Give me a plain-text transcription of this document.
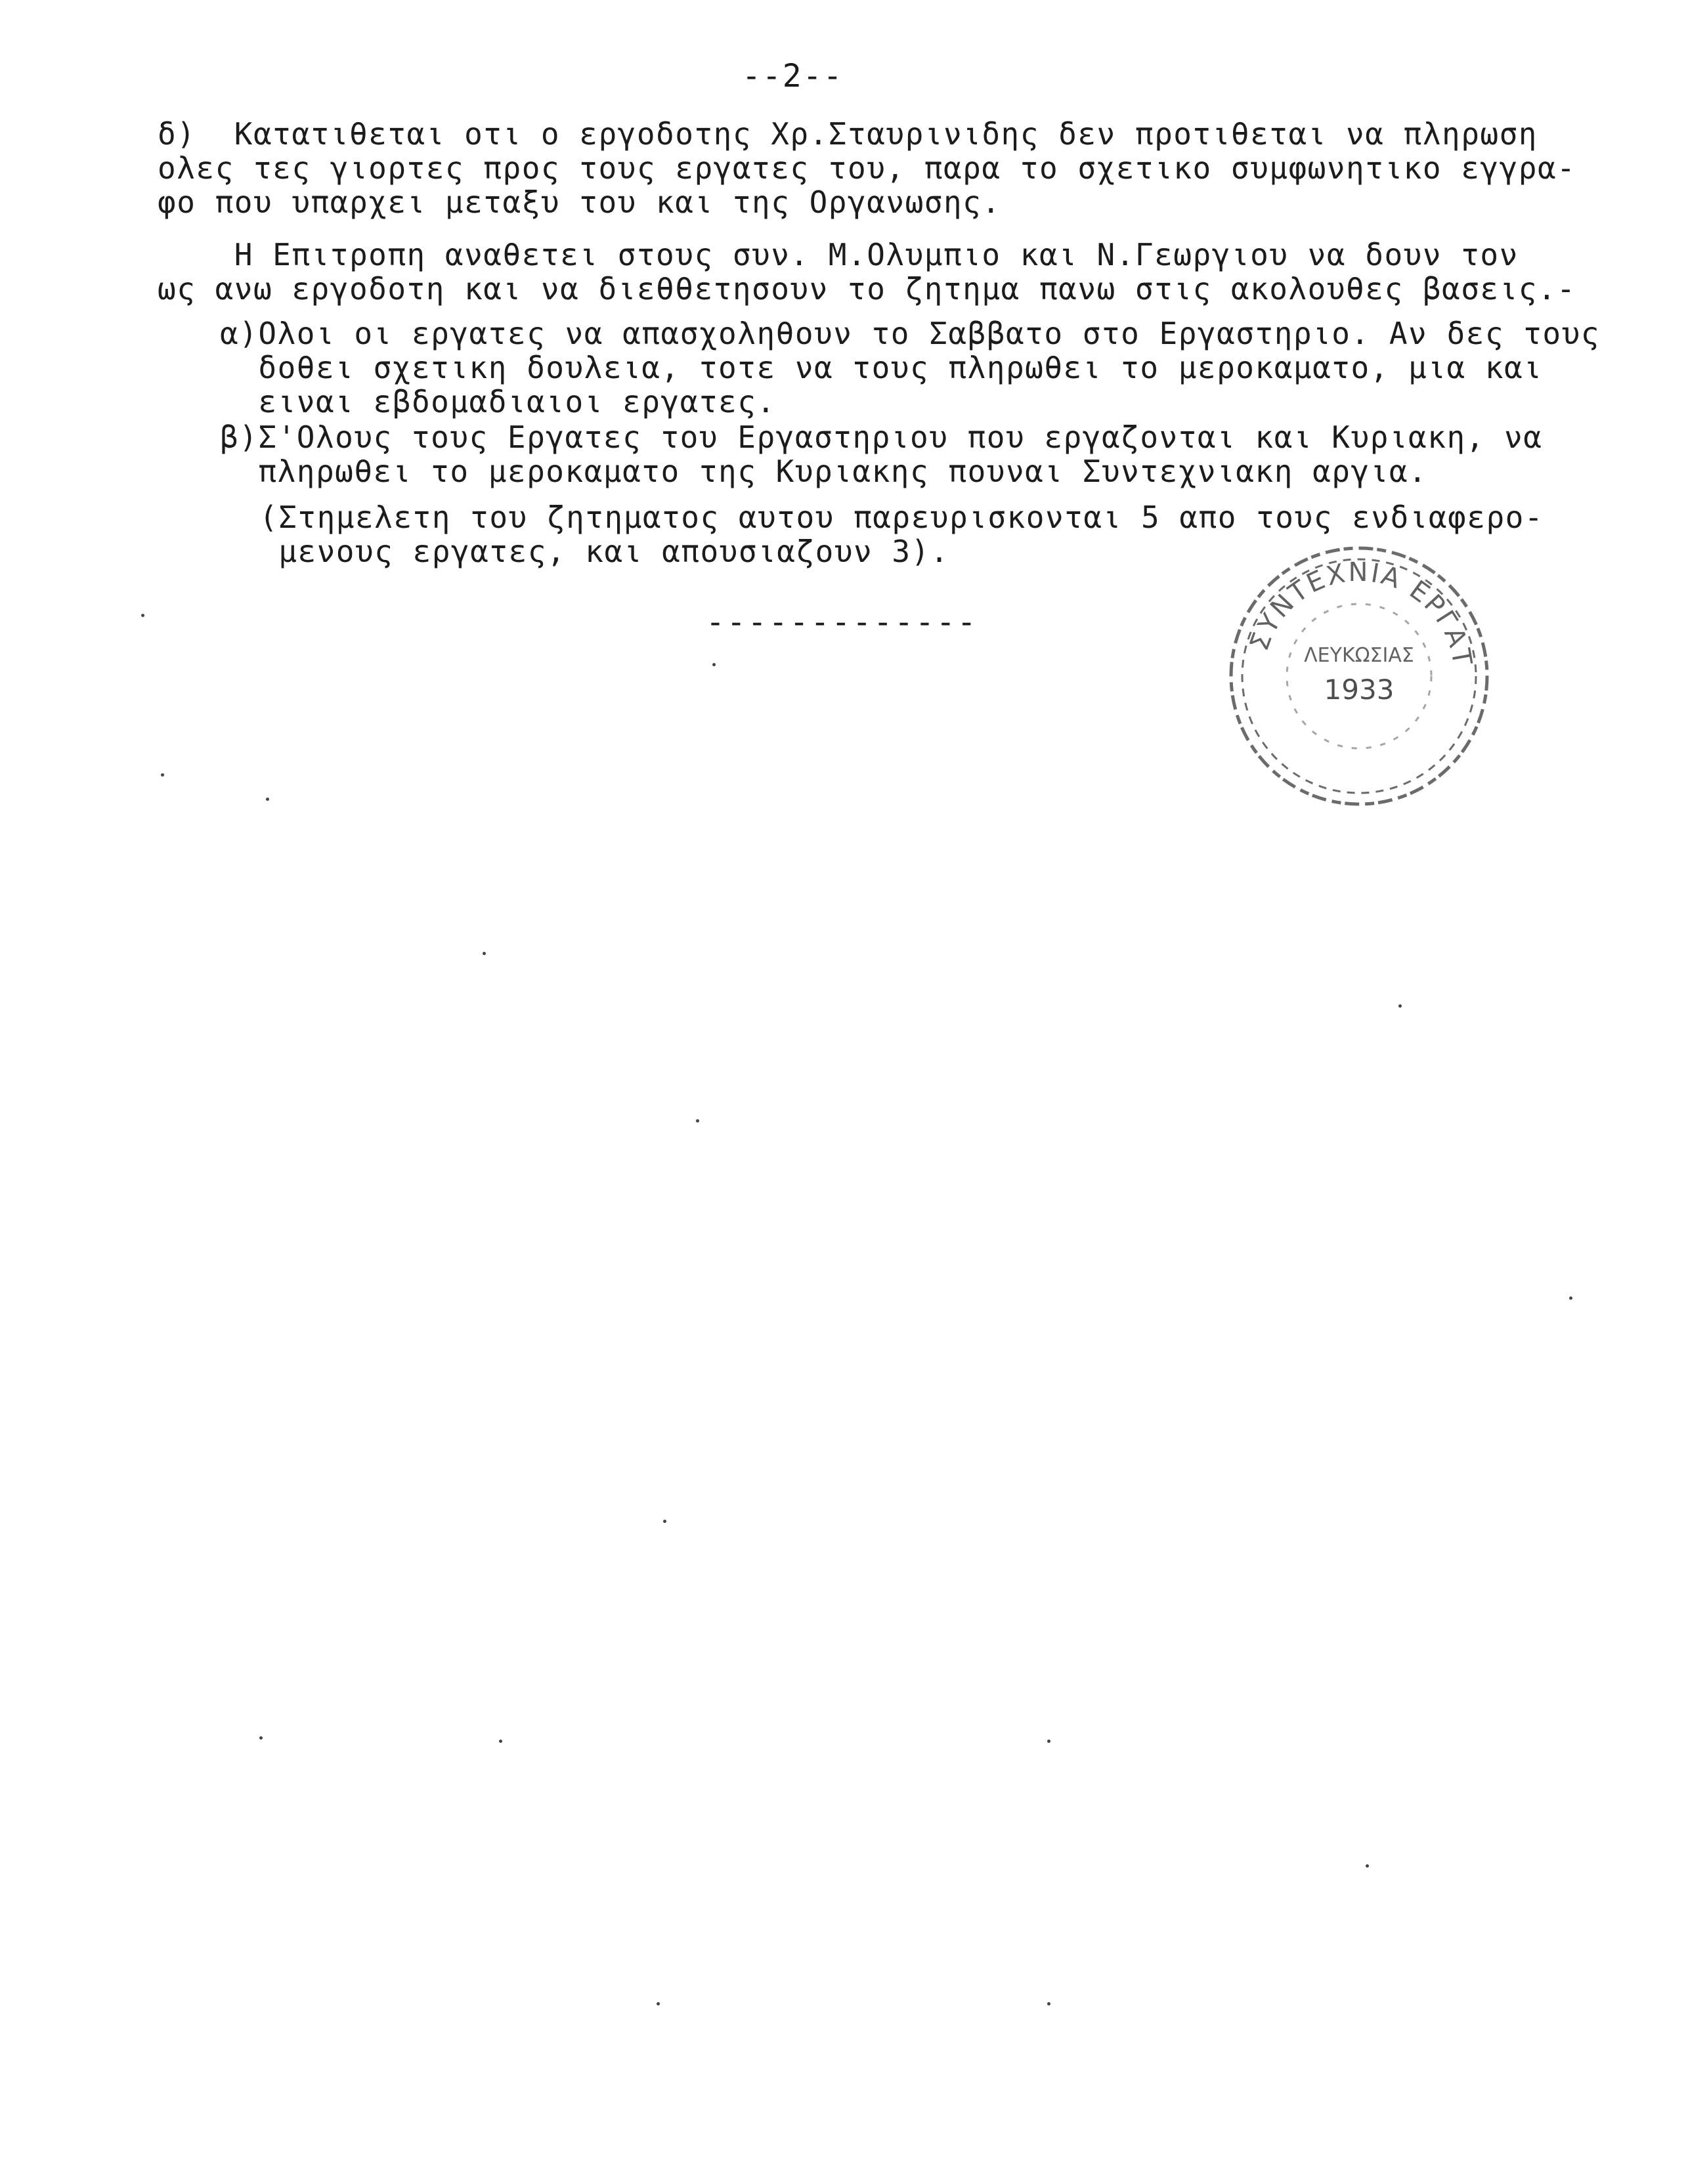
--2--
δ)  Κατατιθεται οτι ο εργοδοτης Χρ.Σταυρινιδης δεν προτιθεται να πληρωση
ολες τες γιορτες προς τους εργατες του, παρα το σχετικο συμφωνητικο εγγρα-
φο που υπαρχει μεταξυ του και της Οργανωσης.
Η Επιτροπη αναθετει στους συν. Μ.Ολυμπιο και Ν.Γεωργιου να δουν τον
ως ανω εργοδοτη και να διεθθετησουν το ζητημα πανω στις ακολουθες βασεις.-
α)Ολοι οι εργατες να απασχοληθουν το Σαββατο στο Εργαστηριο. Αν δες τους
δοθει σχετικη δουλεια, τοτε να τους πληρωθει το μεροκαματο, μια και
ειναι εβδομαδιαιοι εργατες.
β)Σ'Ολους τους Εργατες του Εργαστηριου που εργαζονται και Κυριακη, να
πληρωθει το μεροκαματο της Κυριακης πουναι Συντεχνιακη αργια.
(Στημελετη του ζητηματος αυτου παρευρισκονται 5 απο τους ενδιαφερο-
μενους εργατες, και απουσιαζουν 3).
-------------
ΣΥΝΤΕΧΝΙΑ ΕΡΓΑΤ
ΛΕΥΚΩΣΙΑΣ
1933
